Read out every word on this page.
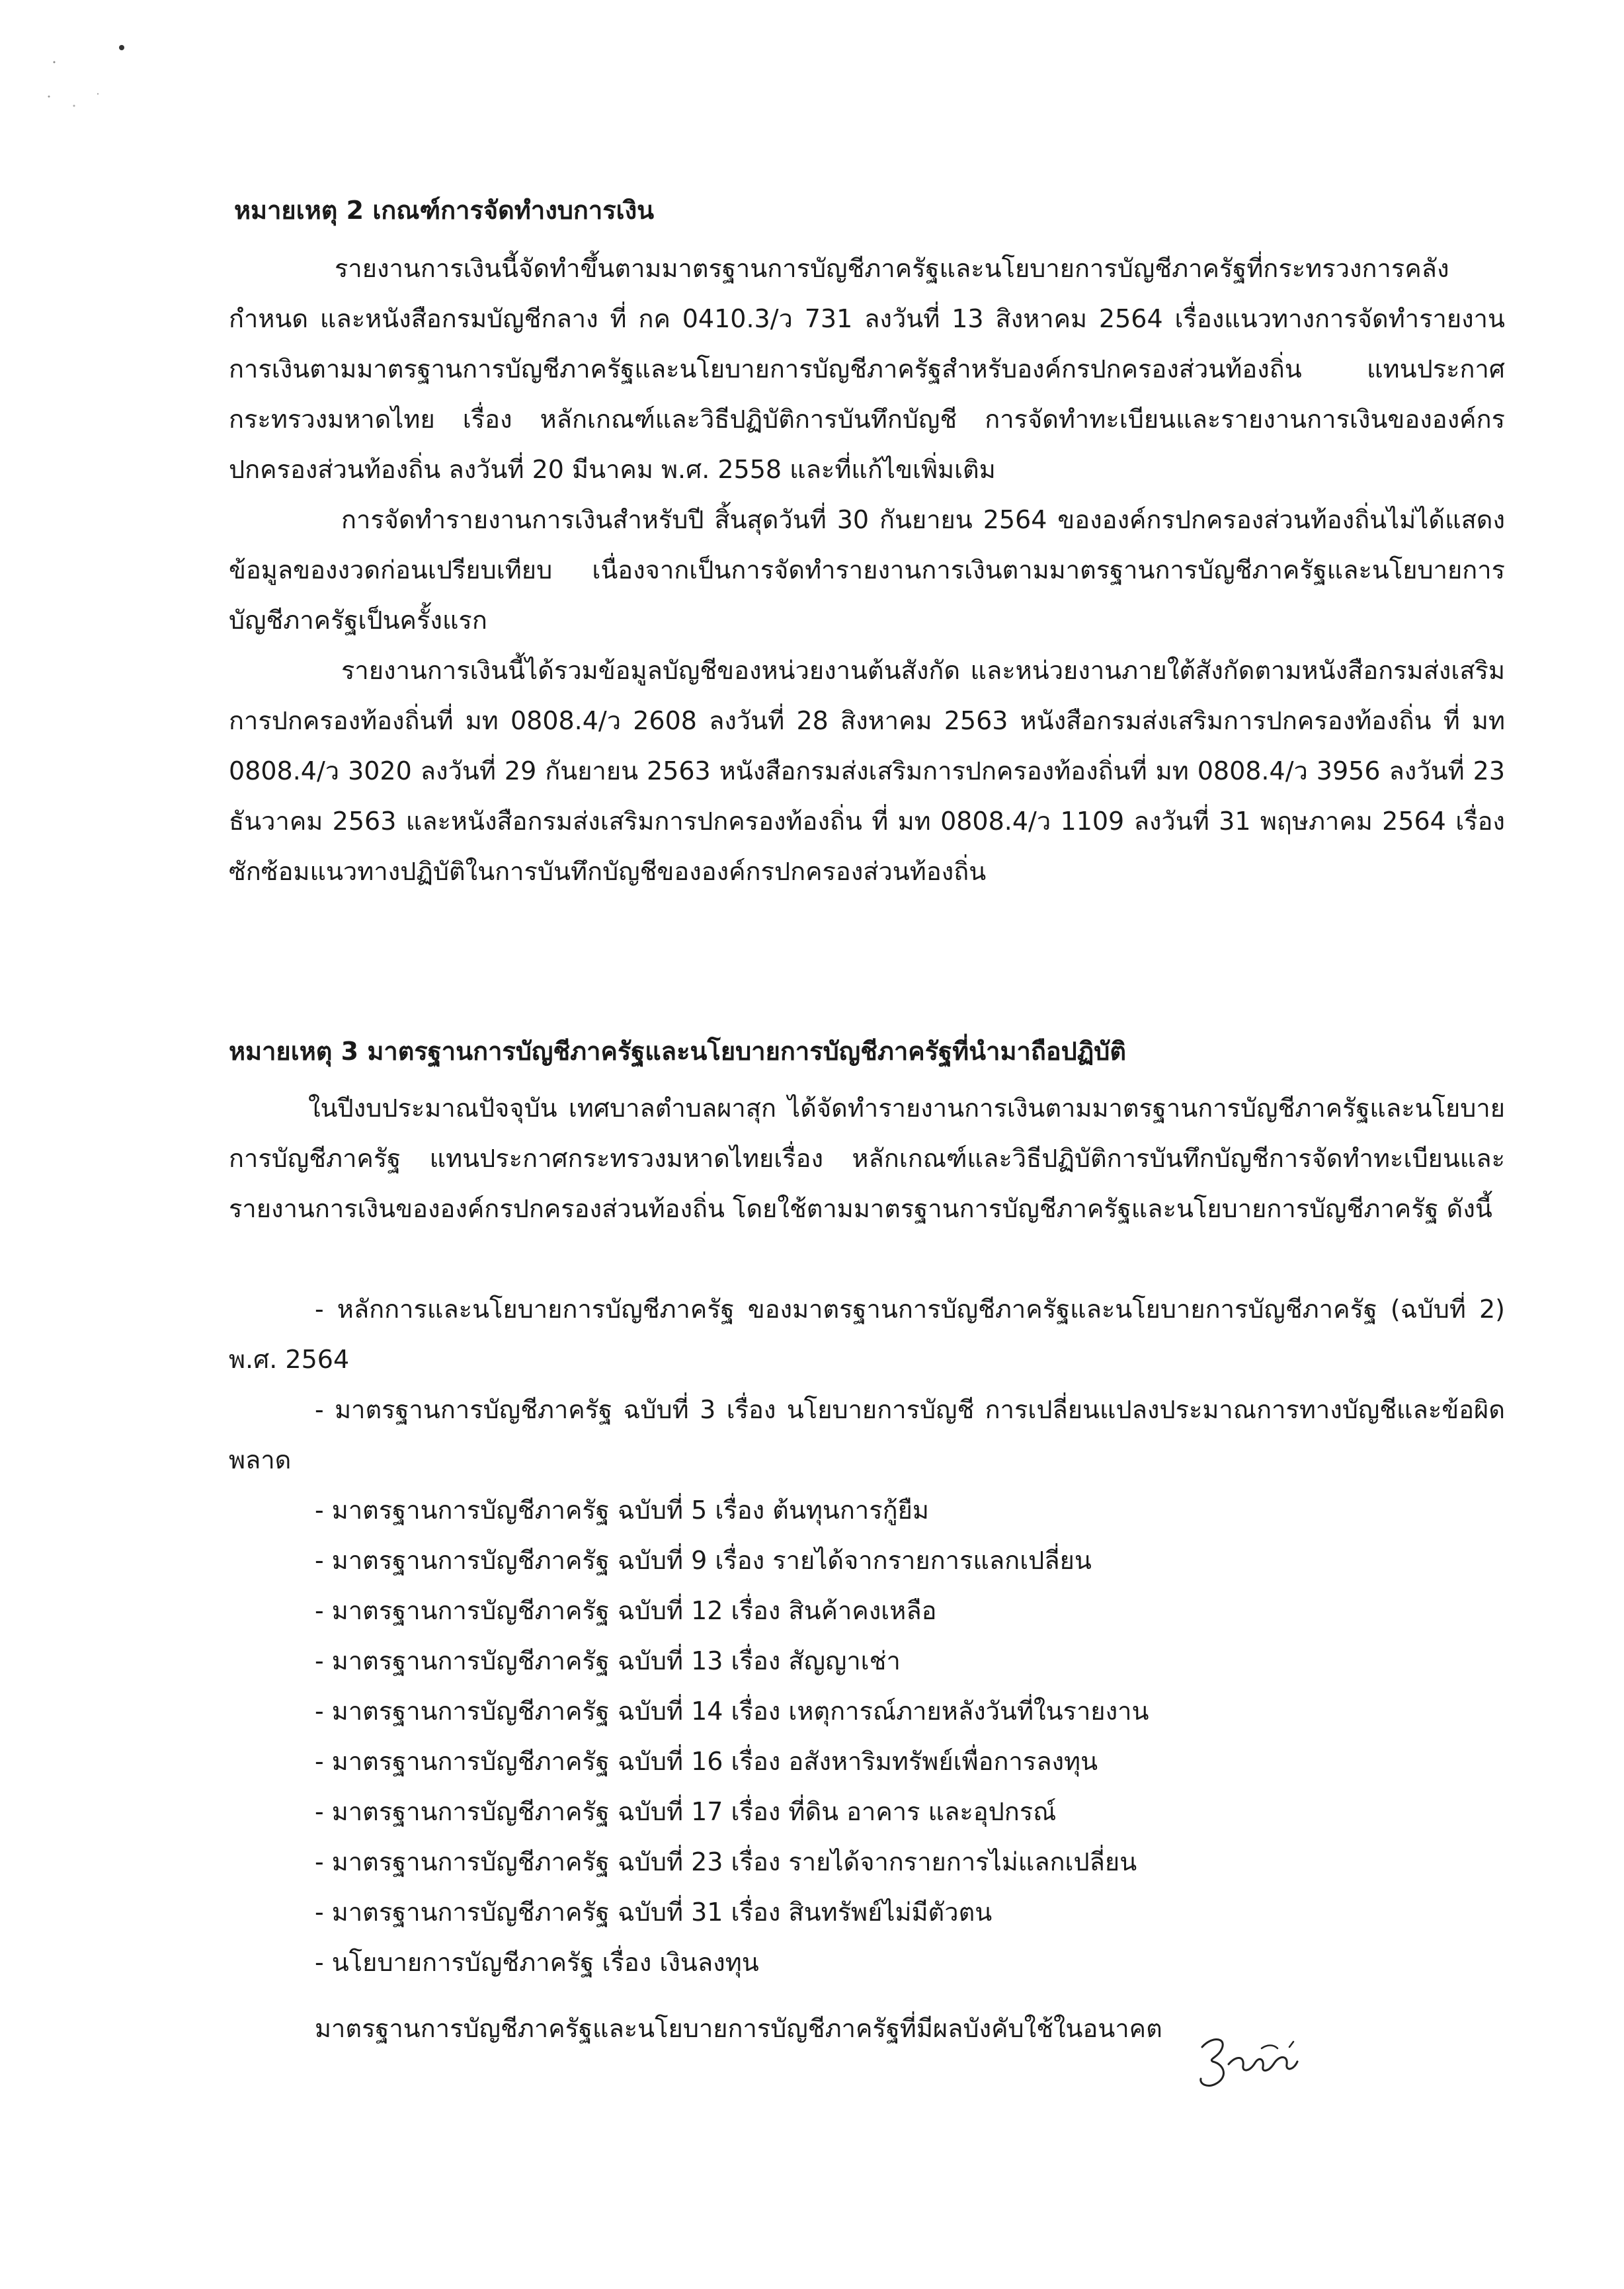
หมายเหตุ 2 เกณฑ์การจัดทำงบการเงิน

รายงานการเงินนี้จัดทำขึ้นตามมาตรฐานการบัญชีภาครัฐและนโยบายการบัญชีภาครัฐที่กระทรวงการคลังกำหนด และหนังสือกรมบัญชีกลาง ที่ กค 0410.3/ว 731 ลงวันที่ 13 สิงหาคม 2564 เรื่องแนวทางการจัดทำรายงานการเงินตามมาตรฐานการบัญชีภาครัฐและนโยบายการบัญชีภาครัฐสำหรับองค์กรปกครองส่วนท้องถิ่น แทนประกาศกระทรวงมหาดไทย เรื่อง หลักเกณฑ์และวิธีปฏิบัติการบันทึกบัญชี การจัดทำทะเบียนและรายงานการเงินขององค์กรปกครองส่วนท้องถิ่น ลงวันที่ 20 มีนาคม พ.ศ. 2558 และที่แก้ไขเพิ่มเติม

การจัดทำรายงานการเงินสำหรับปี สิ้นสุดวันที่ 30 กันยายน 2564 ขององค์กรปกครองส่วนท้องถิ่นไม่ได้แสดงข้อมูลของงวดก่อนเปรียบเทียบ เนื่องจากเป็นการจัดทำรายงานการเงินตามมาตรฐานการบัญชีภาครัฐและนโยบายการบัญชีภาครัฐเป็นครั้งแรก

รายงานการเงินนี้ได้รวมข้อมูลบัญชีของหน่วยงานต้นสังกัด และหน่วยงานภายใต้สังกัดตามหนังสือกรมส่งเสริมการปกครองท้องถิ่นที่ มท 0808.4/ว 2608 ลงวันที่ 28 สิงหาคม 2563 หนังสือกรมส่งเสริมการปกครองท้องถิ่น ที่ มท 0808.4/ว 3020 ลงวันที่ 29 กันยายน 2563 หนังสือกรมส่งเสริมการปกครองท้องถิ่นที่ มท 0808.4/ว 3956 ลงวันที่ 23 ธันวาคม 2563 และหนังสือกรมส่งเสริมการปกครองท้องถิ่น ที่ มท 0808.4/ว 1109 ลงวันที่ 31 พฤษภาคม 2564 เรื่อง ซักซ้อมแนวทางปฏิบัติในการบันทึกบัญชีขององค์กรปกครองส่วนท้องถิ่น

หมายเหตุ 3 มาตรฐานการบัญชีภาครัฐและนโยบายการบัญชีภาครัฐที่นำมาถือปฏิบัติ

ในปีงบประมาณปัจจุบัน เทศบาลตำบลผาสุก ได้จัดทำรายงานการเงินตามมาตรฐานการบัญชีภาครัฐและนโยบายการบัญชีภาครัฐ แทนประกาศกระทรวงมหาดไทยเรื่อง หลักเกณฑ์และวิธีปฏิบัติการบันทึกบัญชีการจัดทำทะเบียนและรายงานการเงินขององค์กรปกครองส่วนท้องถิ่น โดยใช้ตามมาตรฐานการบัญชีภาครัฐและนโยบายการบัญชีภาครัฐ ดังนี้

- หลักการและนโยบายการบัญชีภาครัฐ ของมาตรฐานการบัญชีภาครัฐและนโยบายการบัญชีภาครัฐ (ฉบับที่ 2) พ.ศ. 2564

- มาตรฐานการบัญชีภาครัฐ ฉบับที่ 3 เรื่อง นโยบายการบัญชี การเปลี่ยนแปลงประมาณการทางบัญชีและข้อผิดพลาด

- มาตรฐานการบัญชีภาครัฐ ฉบับที่ 5 เรื่อง ต้นทุนการกู้ยืม

- มาตรฐานการบัญชีภาครัฐ ฉบับที่ 9 เรื่อง รายได้จากรายการแลกเปลี่ยน

- มาตรฐานการบัญชีภาครัฐ ฉบับที่ 12 เรื่อง สินค้าคงเหลือ

- มาตรฐานการบัญชีภาครัฐ ฉบับที่ 13 เรื่อง สัญญาเช่า

- มาตรฐานการบัญชีภาครัฐ ฉบับที่ 14 เรื่อง เหตุการณ์ภายหลังวันที่ในรายงาน

- มาตรฐานการบัญชีภาครัฐ ฉบับที่ 16 เรื่อง อสังหาริมทรัพย์เพื่อการลงทุน

- มาตรฐานการบัญชีภาครัฐ ฉบับที่ 17 เรื่อง ที่ดิน อาคาร และอุปกรณ์

- มาตรฐานการบัญชีภาครัฐ ฉบับที่ 23 เรื่อง รายได้จากรายการไม่แลกเปลี่ยน

- มาตรฐานการบัญชีภาครัฐ ฉบับที่ 31 เรื่อง สินทรัพย์ไม่มีตัวตน

- นโยบายการบัญชีภาครัฐ เรื่อง เงินลงทุน

มาตรฐานการบัญชีภาครัฐและนโยบายการบัญชีภาครัฐที่มีผลบังคับใช้ในอนาคต
